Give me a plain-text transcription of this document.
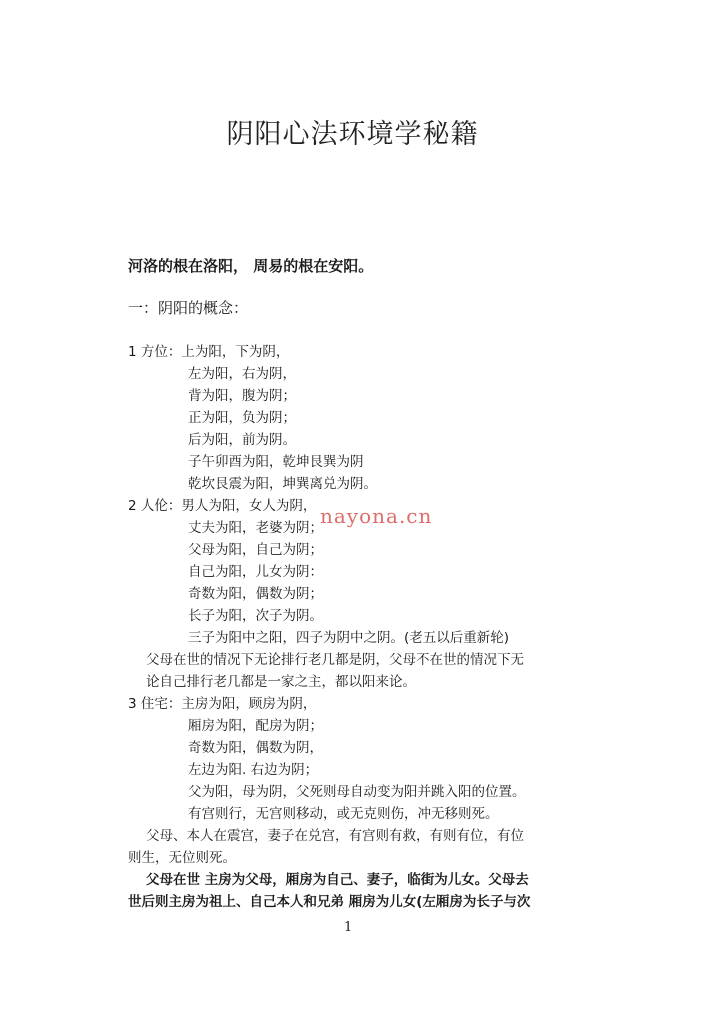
阴阳心法环境学秘籍
河洛的根在洛阳， 周易的根在安阳。
一：阴阳的概念：
1 方位：上为阳，下为阴，
左为阳，右为阴，
背为阳，腹为阴；
正为阳，负为阴；
后为阳，前为阴。
子午卯酉为阳，乾坤艮巽为阴
乾坎艮震为阳，坤巽离兑为阴。
2 人伦：男人为阳，女人为阴，
丈夫为阳，老婆为阴；
父母为阳，自己为阴；
自己为阳，儿女为阴：
奇数为阳，偶数为阴；
长子为阳，次子为阴。
三子为阳中之阳，四子为阴中之阴。(老五以后重新轮)
父母在世的情况下无论排行老几都是阴，父母不在世的情况下无
论自己排行老几都是一家之主，都以阳来论。
3 住宅：主房为阳，顾房为阴，
厢房为阳，配房为阴；
奇数为阳，偶数为阴，
左边为阳. 右边为阴；
父为阳，母为阴，父死则母自动变为阳并跳入阳的位置。
有宫则行，无宫则移动，或无克则伤，冲无移则死。
父母、本人在震宫，妻子在兑宫，有宫则有救，有则有位，有位
则生，无位则死。
父母在世 主房为父母，厢房为自己、妻子，临街为儿女。父母去
世后则主房为祖上、自己本人和兄弟 厢房为儿女(左厢房为长子与次
nayona.cn
1
